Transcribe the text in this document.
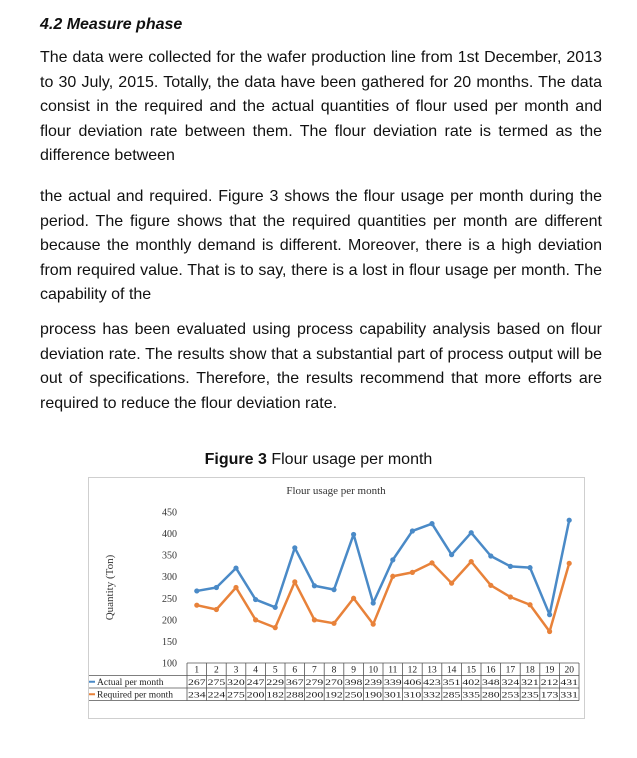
4.2 Measure phase
The data were collected for the wafer production line from 1st December, 2013 to 30 July, 2015. Totally, the data have been gathered for 20 months. The data consist in the required and the actual quantities of flour used per month and flour deviation rate between them. The flour deviation rate is termed as the difference between
the actual and required. Figure 3 shows the flour usage per month during the period. The figure shows that the required quantities per month are different because the monthly demand is different. Moreover, there is a high deviation from required value. That is to say, there is a lost in flour usage per month. The capability of the
process has been evaluated using process capability analysis based on flour deviation rate. The results show that a substantial part of process output will be out of specifications. Therefore, the results recommend that more efforts are required to reduce the flour deviation rate.
Figure 3 Flour usage per month
Flour usage per month
Quantity (Ton)
100
150
200
250
300
350
400
450
1 2 3 4 5 6 7 8 9 10 11 12 13 14 15 16 17 18 19 20
Actual per month	267 275 320 247 229 367 279 270 398 239 339 406 423 351 402 348 324 321 212 431
Required per month 234 224 275 200 182 288 200 192 250 190 301 310 332 285 335 280 253 235 173 331
